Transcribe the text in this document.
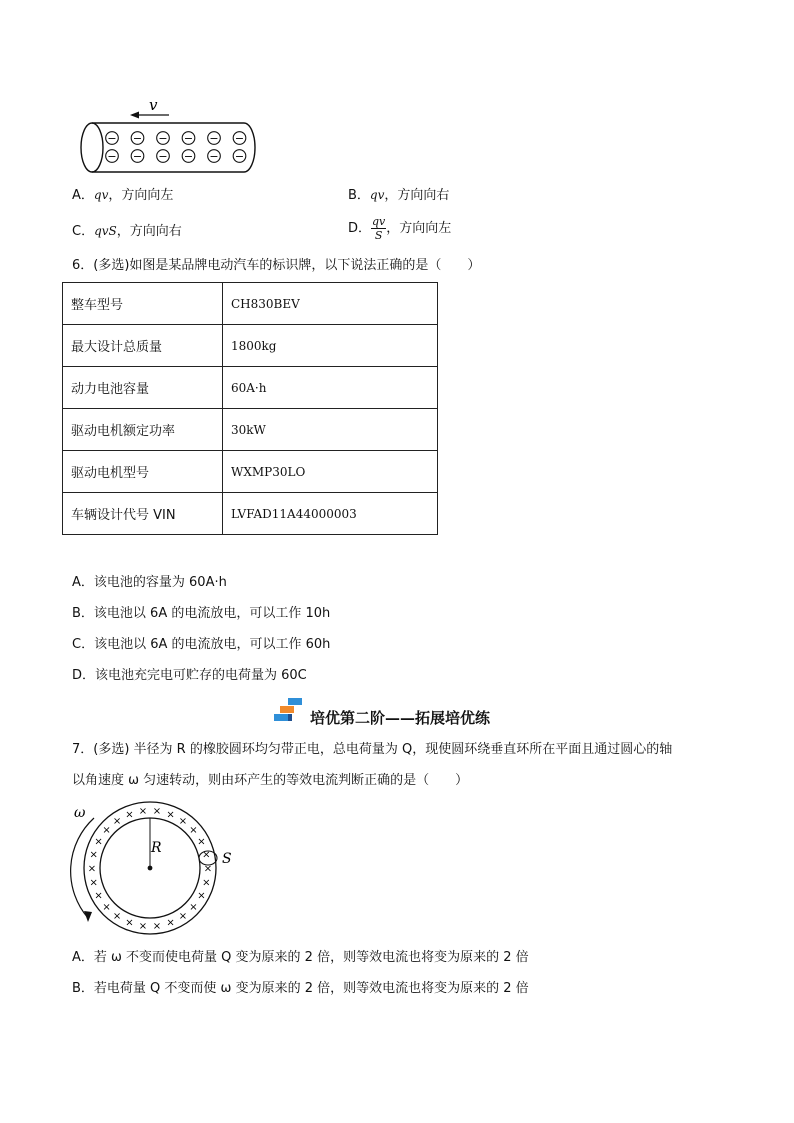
v
− − − − − −
− − − − − −
A．qv，方向向左	B．qv，方向向右
C．qvS，方向向右	D． $\frac{qv}{S}$ ，方向向左
6．(多选)如图是某品牌电动汽车的标识牌，以下说法正确的是（　　）
整车型号	CH830BEV
最大设计总质量	1800kg
动力电池容量	60A·h
驱动电机额定功率	30kW
驱动电机型号	WXMP30LO
车辆设计代号 VIN	LVFAD11A44000003
A．该电池的容量为 60A·h
B．该电池以 6A 的电流放电，可以工作 10h
C．该电池以 6A 的电流放电，可以工作 60h
D．该电池充完电可贮存的电荷量为 60C
培优第二阶——拓展培优练
7．(多选) 半径为 R 的橡胶圆环均匀带正电，总电荷量为 Q，现使圆环绕垂直环所在平面且通过圆心的轴
以角速度 ω 匀速转动，则由环产生的等效电流判断正确的是（　　）
ω
×
×
×
×
×
×
×
×
×
×
×
×
×
×
×
×
×
×
× × × ×
×
×
×
×
R
S
A．若 ω 不变而使电荷量 Q 变为原来的 2 倍，则等效电流也将变为原来的 2 倍
B．若电荷量 Q 不变而使 ω 变为原来的 2 倍，则等效电流也将变为原来的 2 倍
